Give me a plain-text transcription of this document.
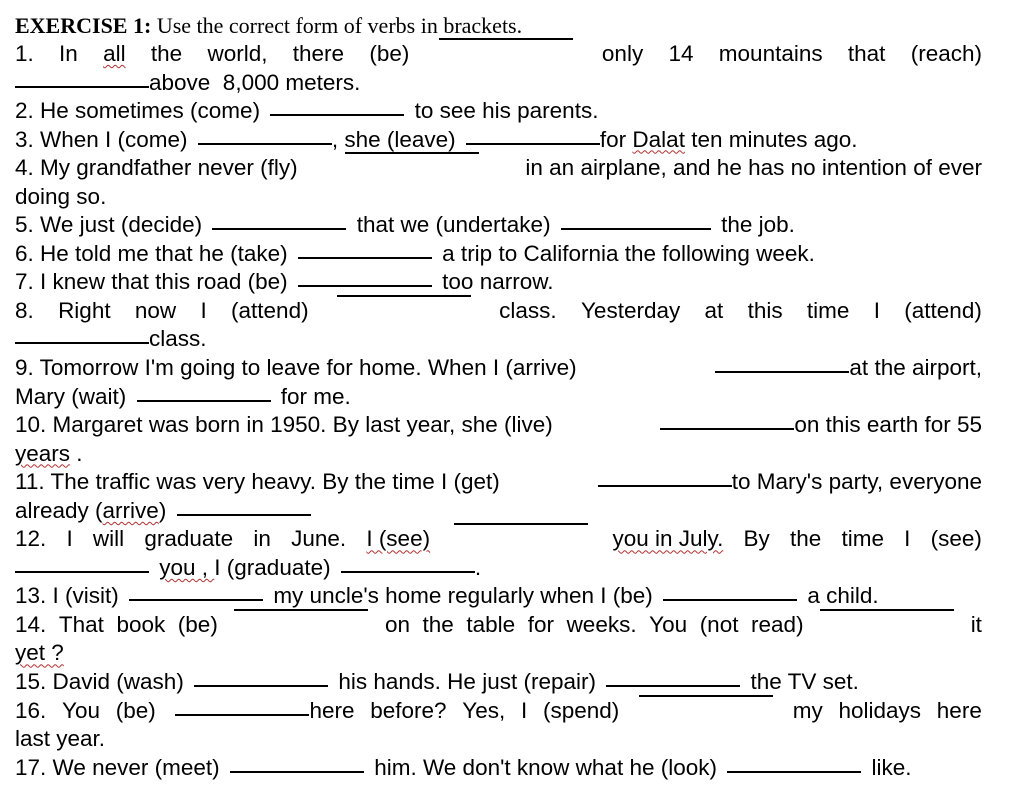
EXERCISE 1: Use the correct form of verbs in brackets.
1. In all the world, there (be)	only 14 mountains that (reach)
above  8,000 meters.
2. He sometimes (come)	to see his parents.
3. When I (come)	, she (leave)	for Dalat ten minutes ago.
4. My grandfather never (fly)	in an airplane, and he has no intention of ever
doing so.
5. We just (decide)	that we (undertake)	the job.
6. He told me that he (take)	a trip to California the following week.
7. I knew that this road (be)	too narrow.
8. Right now I (attend)	class. Yesterday at this time I (attend)
class.
9. Tomorrow I'm going to leave for home. When I (arrive)	at the airport,
Mary (wait)	for me.
10. Margaret was born in 1950. By last year, she (live)	on this earth for 55
years .
11. The traffic was very heavy. By the time I (get)	to Mary's party, everyone
already (arrive)
12. I will graduate in June. I (see)	you in July. By the time I (see)
you , I (graduate)	.
13. I (visit)	my uncle's home regularly when I (be)	a child.
14. That book (be)	on the table for weeks. You (not read)	it
yet ?
15. David (wash)	his hands. He just (repair)	the TV set.
16. You (be)	here before? Yes, I (spend)	my holidays here
last year.
17. We never (meet)	him. We don't know what he (look)	like.
